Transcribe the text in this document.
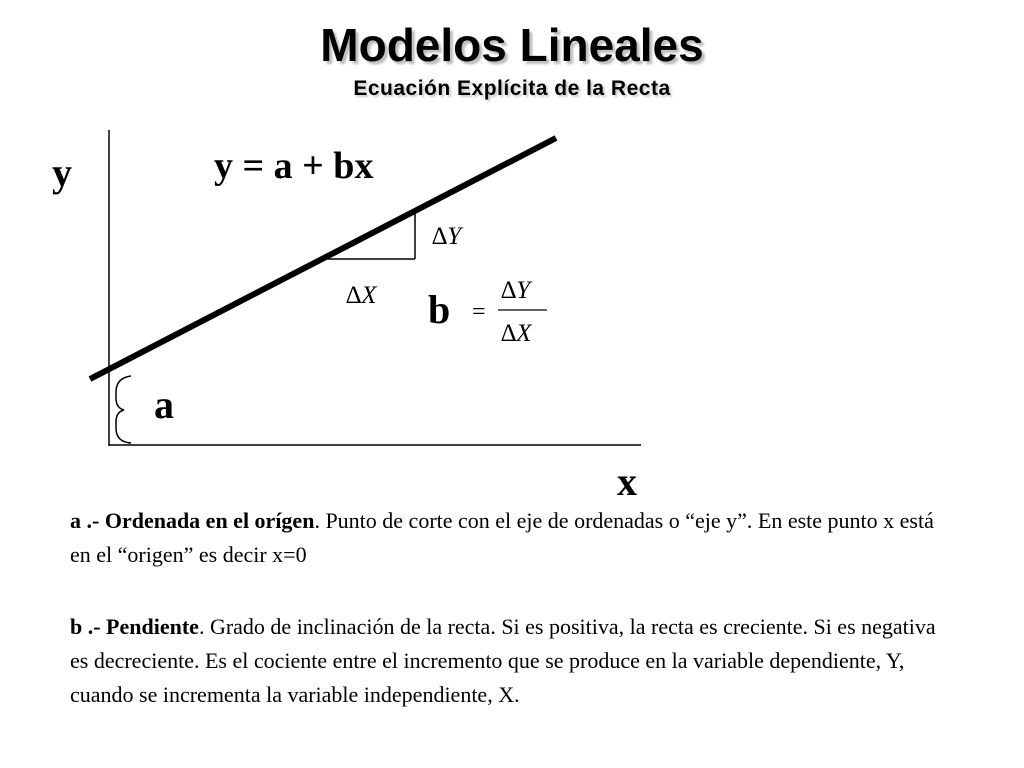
Modelos Lineales
Ecuación Explícita de la Recta
y	y = a + bx
∆Y
∆X b =
∆Y
∆X
a
x

a .- Ordenada en el orígen. Punto de corte con el eje de ordenadas o “eje y”. En este punto x está en el “origen” es decir x=0

b .- Pendiente. Grado de inclinación de la recta. Si es positiva, la recta es creciente. Si es negativa es decreciente. Es el cociente entre el incremento que se produce en la variable dependiente, Y, cuando se incrementa la variable independiente, X.
